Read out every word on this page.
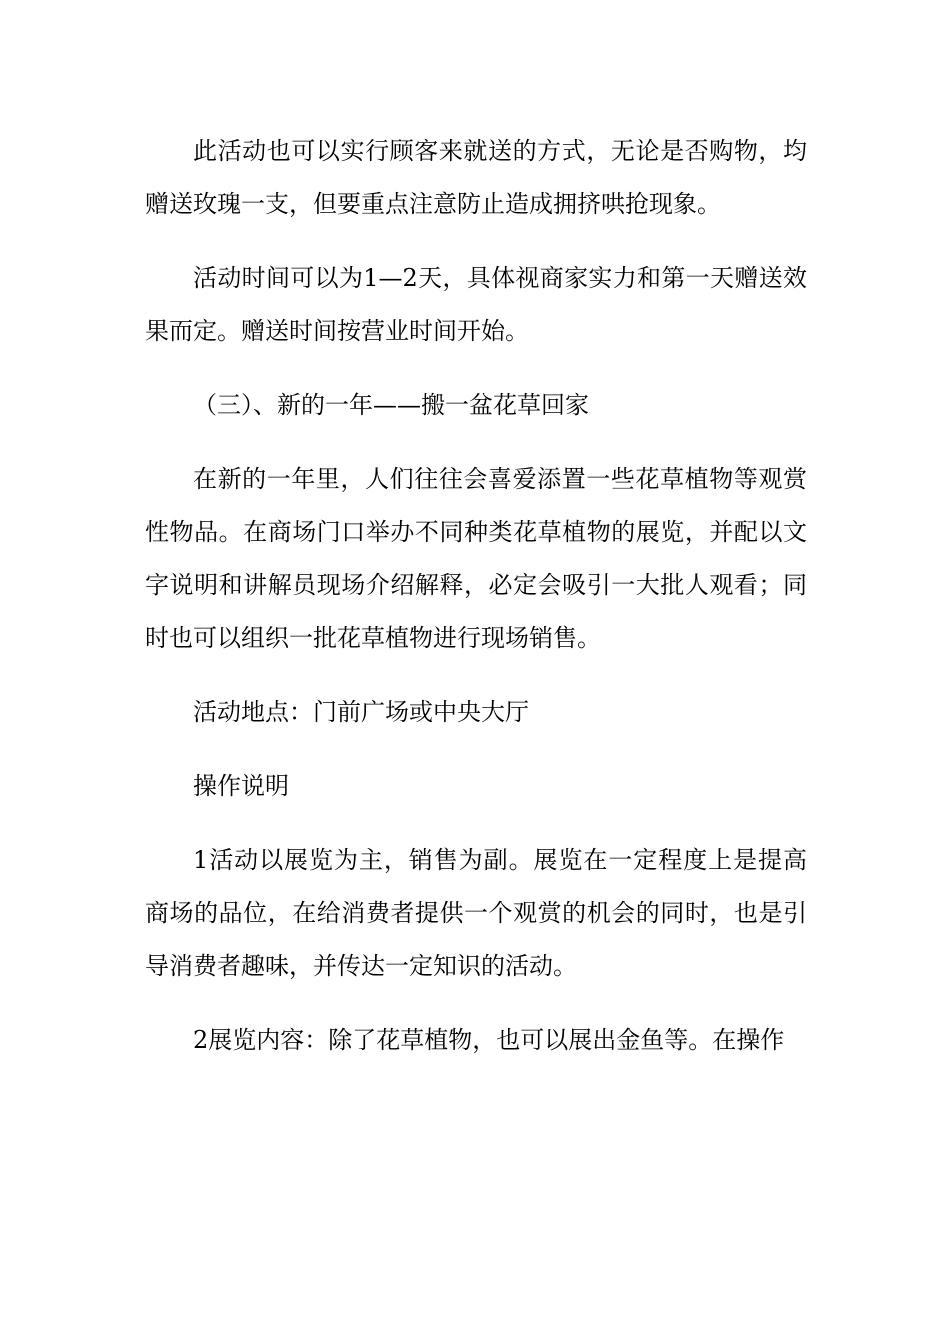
此活动也可以实行顾客来就送的方式，无论是否购物，均赠送玫瑰一支，但要重点注意防止造成拥挤哄抢现象。

活动时间可以为1—2天，具体视商家实力和第一天赠送效果而定。赠送时间按营业时间开始。

（三）、新的一年——搬一盆花草回家

在新的一年里，人们往往会喜爱添置一些花草植物等观赏性物品。在商场门口举办不同种类花草植物的展览，并配以文字说明和讲解员现场介绍解释，必定会吸引一大批人观看；同时也可以组织一批花草植物进行现场销售。

活动地点：门前广场或中央大厅

操作说明

1活动以展览为主，销售为副。展览在一定程度上是提高商场的品位，在给消费者提供一个观赏的机会的同时，也是引导消费者趣味，并传达一定知识的活动。

2展览内容：除了花草植物，也可以展出金鱼等。在操作
